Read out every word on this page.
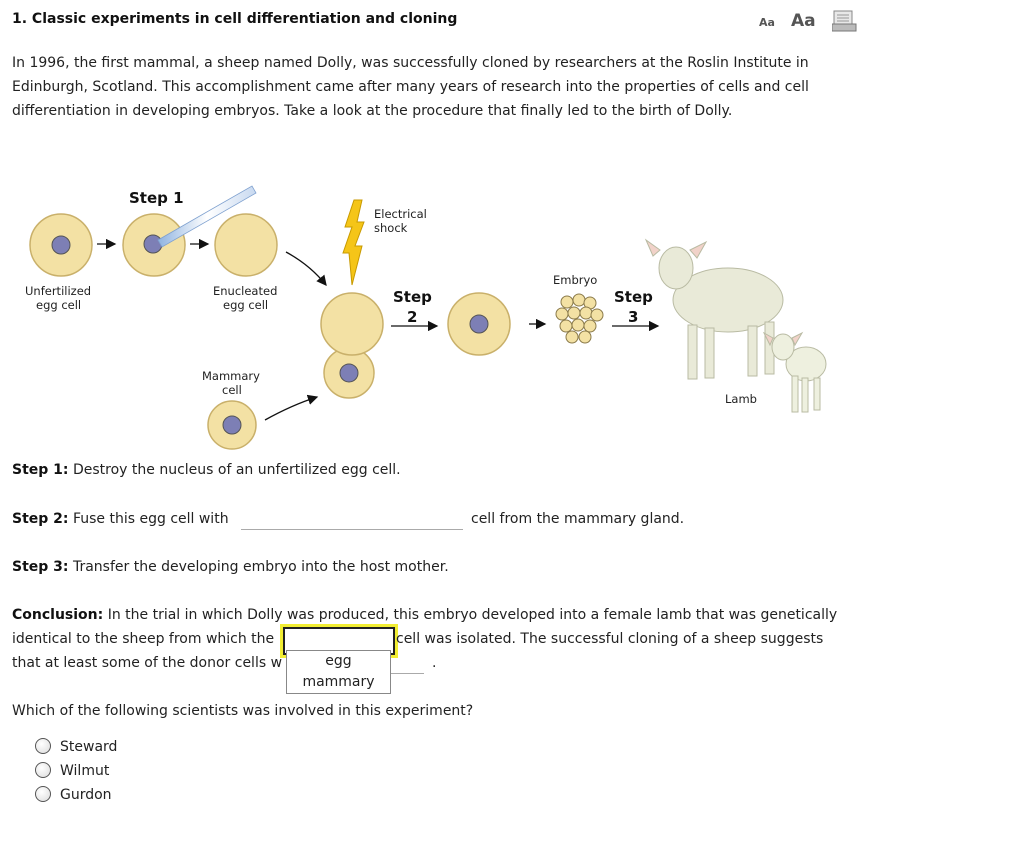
1. Classic experiments in cell differentiation and cloning	Aa Aa
In 1996, the first mammal, a sheep named Dolly, was successfully cloned by researchers at the Roslin Institute in Edinburgh, Scotland. This accomplishment came after many years of research into the properties of cells and cell differentiation in developing embryos. Take a look at the procedure that finally led to the birth of Dolly.
Step 1
Unfertilized
egg cell
Enucleated
egg cell
Electrical
shock
Mammary
cell
Step
2
Embryo
Step
3
Lamb
Step 1: Destroy the nucleus of an unfertilized egg cell.
Step 2: Fuse this egg cell with	cell from the mammary gland.
Step 3: Transfer the developing embryo into the host mother.
Conclusion: In the trial in which Dolly was produced, this embryo developed into a female lamb that was genetically
identical to the sheep from which the	cell was isolated. The successful cloning of a sheep suggests
that at least some of the donor cells w	.
egg
mammary
Which of the following scientists was involved in this experiment?
Steward
Wilmut
Gurdon
